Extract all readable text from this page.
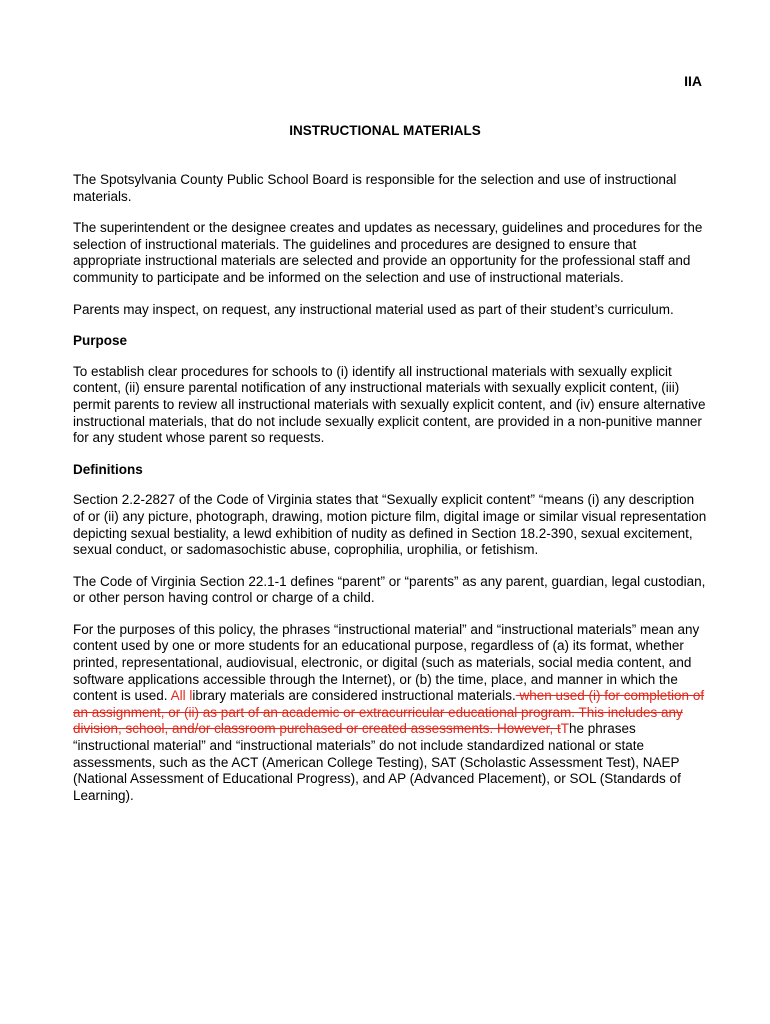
IIA
INSTRUCTIONAL MATERIALS

The Spotsylvania County Public School Board is responsible for the selection and use of instructional materials.

The superintendent or the designee creates and updates as necessary, guidelines and procedures for the selection of instructional materials. The guidelines and procedures are designed to ensure that appropriate instructional materials are selected and provide an opportunity for the professional staff and community to participate and be informed on the selection and use of instructional materials.

Parents may inspect, on request, any instructional material used as part of their student’s curriculum.

Purpose

To establish clear procedures for schools to (i) identify all instructional materials with sexually explicit content, (ii) ensure parental notification of any instructional materials with sexually explicit content, (iii) permit parents to review all instructional materials with sexually explicit content, and (iv) ensure alternative instructional materials, that do not include sexually explicit content, are provided in a non-punitive manner for any student whose parent so requests.

Definitions

Section 2.2-2827 of the Code of Virginia states that “Sexually explicit content” “means (i) any description of or (ii) any picture, photograph, drawing, motion picture film, digital image or similar visual representation depicting sexual bestiality, a lewd exhibition of nudity as defined in Section 18.2-390, sexual excitement, sexual conduct, or sadomasochistic abuse, coprophilia, urophilia, or fetishism.

The Code of Virginia Section 22.1-1 defines “parent” or “parents” as any parent, guardian, legal custodian, or other person having control or charge of a child.

For the purposes of this policy, the phrases “instructional material” and “instructional materials” mean any content used by one or more students for an educational purpose, regardless of (a) its format, whether printed, representational, audiovisual, electronic, or digital (such as materials, social media content, and software applications accessible through the Internet), or (b) the time, place, and manner in which the content is used. All library materials are considered instructional materials. when used (i) for completion of an assignment, or (ii) as part of an academic or extracurricular educational program. This includes any division, school, and/or classroom purchased or created assessments. However, tThe phrases “instructional material” and “instructional materials” do not include standardized national or state assessments, such as the ACT (American College Testing), SAT (Scholastic Assessment Test), NAEP (National Assessment of Educational Progress), and AP (Advanced Placement), or SOL (Standards of Learning).
